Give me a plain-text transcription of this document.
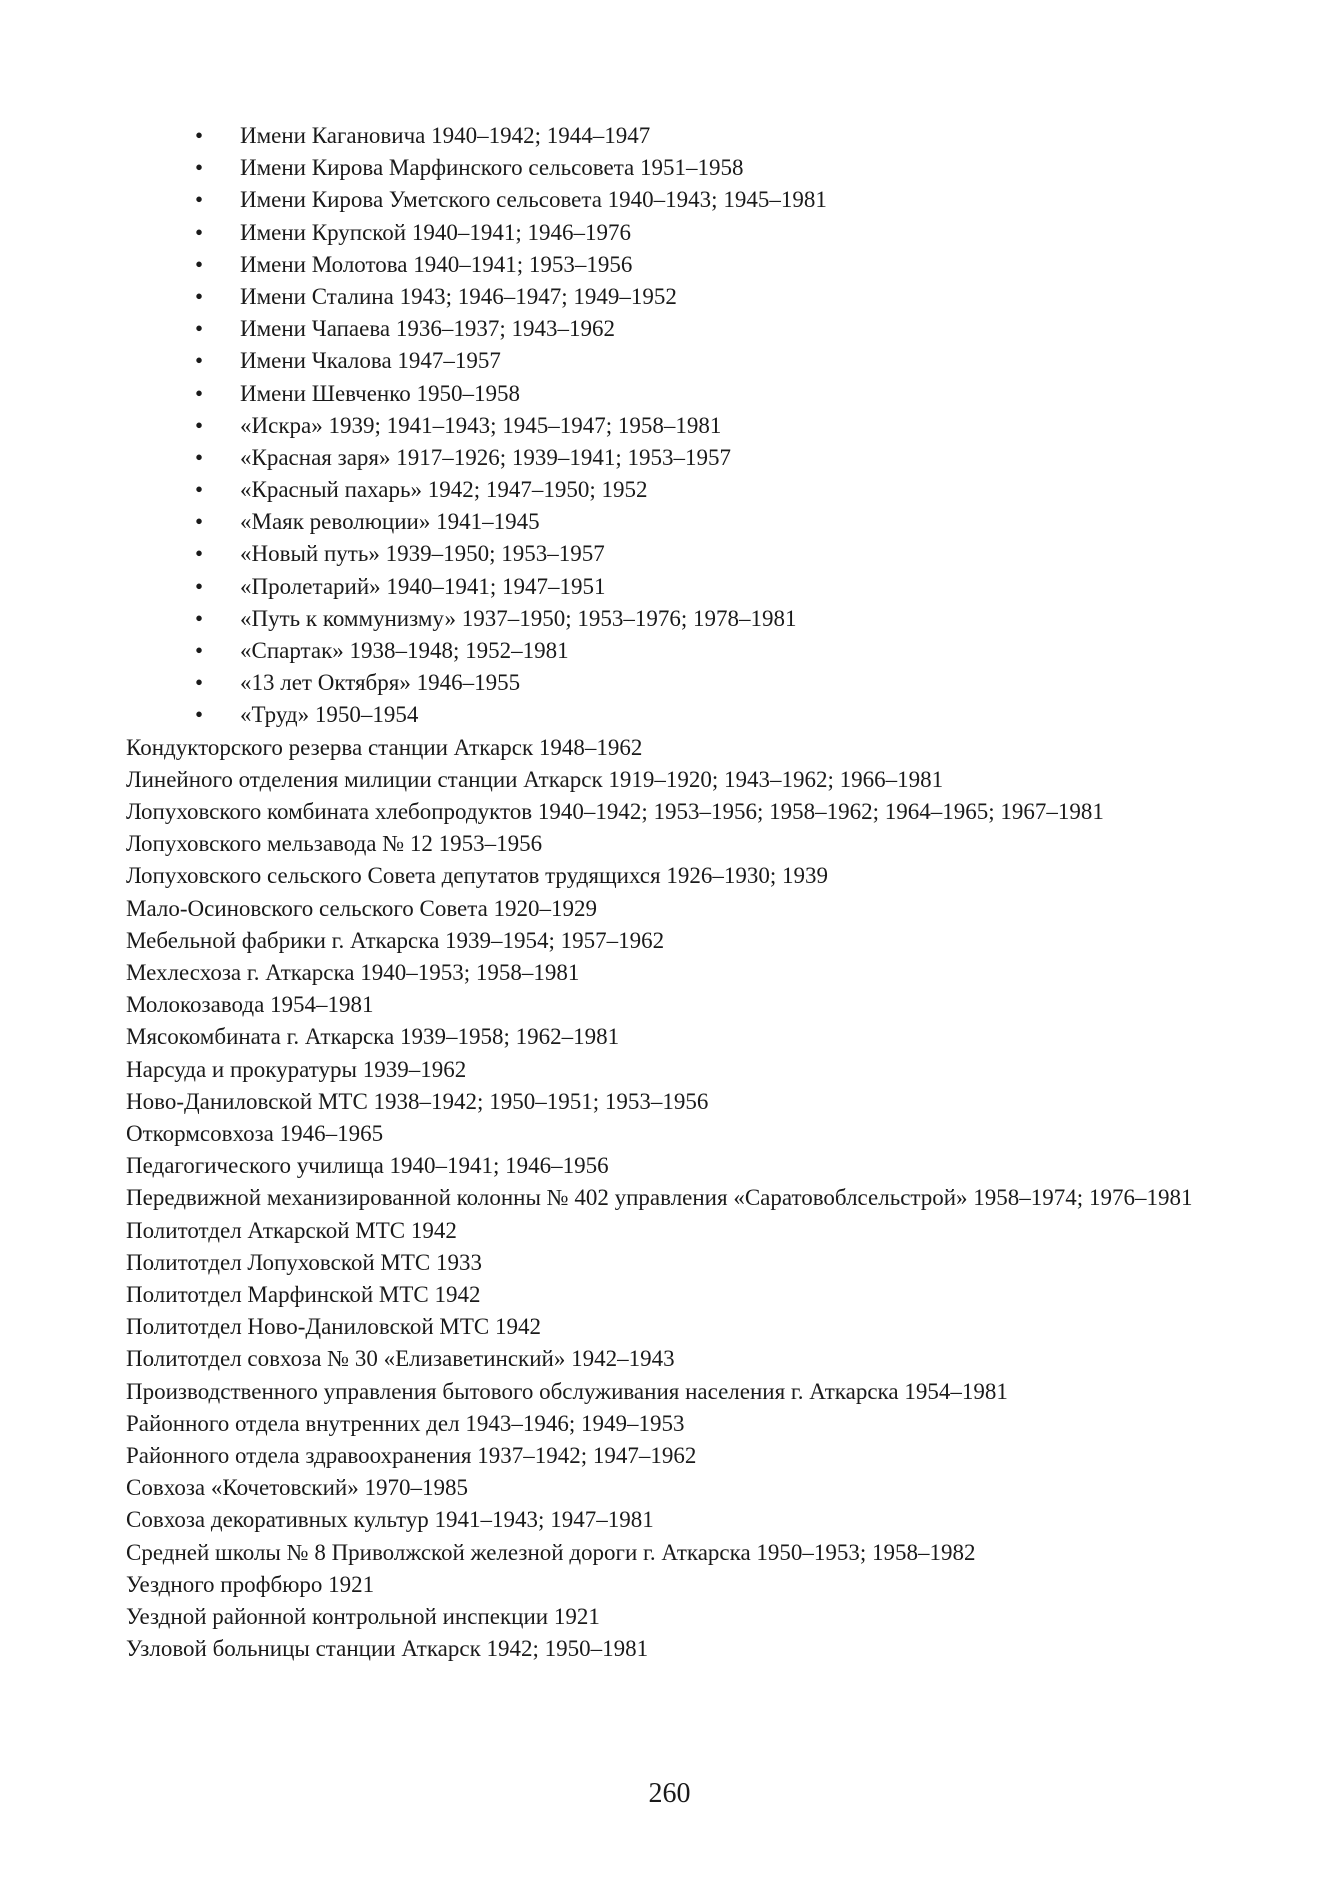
• Имени Кагановича 1940–1942; 1944–1947
• Имени Кирова Марфинского сельсовета 1951–1958
• Имени Кирова Уметского сельсовета 1940–1943; 1945–1981
• Имени Крупской 1940–1941; 1946–1976
• Имени Молотова 1940–1941; 1953–1956
• Имени Сталина 1943; 1946–1947; 1949–1952
• Имени Чапаева 1936–1937; 1943–1962
• Имени Чкалова 1947–1957
• Имени Шевченко 1950–1958
• «Искра» 1939; 1941–1943; 1945–1947; 1958–1981
• «Красная заря» 1917–1926; 1939–1941; 1953–1957
• «Красный пахарь» 1942; 1947–1950; 1952
• «Маяк революции» 1941–1945
• «Новый путь» 1939–1950; 1953–1957
• «Пролетарий» 1940–1941; 1947–1951
• «Путь к коммунизму» 1937–1950; 1953–1976; 1978–1981
• «Спартак» 1938–1948; 1952–1981
• «13 лет Октября» 1946–1955
• «Труд» 1950–1954
Кондукторского резерва станции Аткарск 1948–1962
Линейного отделения милиции станции Аткарск 1919–1920; 1943–1962; 1966–1981
Лопуховского комбината хлебопродуктов 1940–1942; 1953–1956; 1958–1962; 1964–1965; 1967–1981
Лопуховского мельзавода № 12 1953–1956
Лопуховского сельского Совета депутатов трудящихся 1926–1930; 1939
Мало-Осиновского сельского Совета 1920–1929
Мебельной фабрики г. Аткарска 1939–1954; 1957–1962
Мехлесхоза г. Аткарска 1940–1953; 1958–1981
Молокозавода 1954–1981
Мясокомбината г. Аткарска 1939–1958; 1962–1981
Нарсуда и прокуратуры 1939–1962
Ново-Даниловской МТС 1938–1942; 1950–1951; 1953–1956
Откормсовхоза 1946–1965
Педагогического училища 1940–1941; 1946–1956
Передвижной механизированной колонны № 402 управления «Саратовоблсельстрой» 1958–1974; 1976–1981
Политотдел Аткарской МТС 1942
Политотдел Лопуховской МТС 1933
Политотдел Марфинской МТС 1942
Политотдел Ново-Даниловской МТС 1942
Политотдел совхоза № 30 «Елизаветинский» 1942–1943
Производственного управления бытового обслуживания населения г. Аткарска 1954–1981
Районного отдела внутренних дел 1943–1946; 1949–1953
Районного отдела здравоохранения 1937–1942; 1947–1962
Совхоза «Кочетовский» 1970–1985
Совхоза декоративных культур 1941–1943; 1947–1981
Средней школы № 8 Приволжской железной дороги г. Аткарска 1950–1953; 1958–1982
Уездного профбюро 1921
Уездной районной контрольной инспекции 1921
Узловой больницы станции Аткарск 1942; 1950–1981
260
